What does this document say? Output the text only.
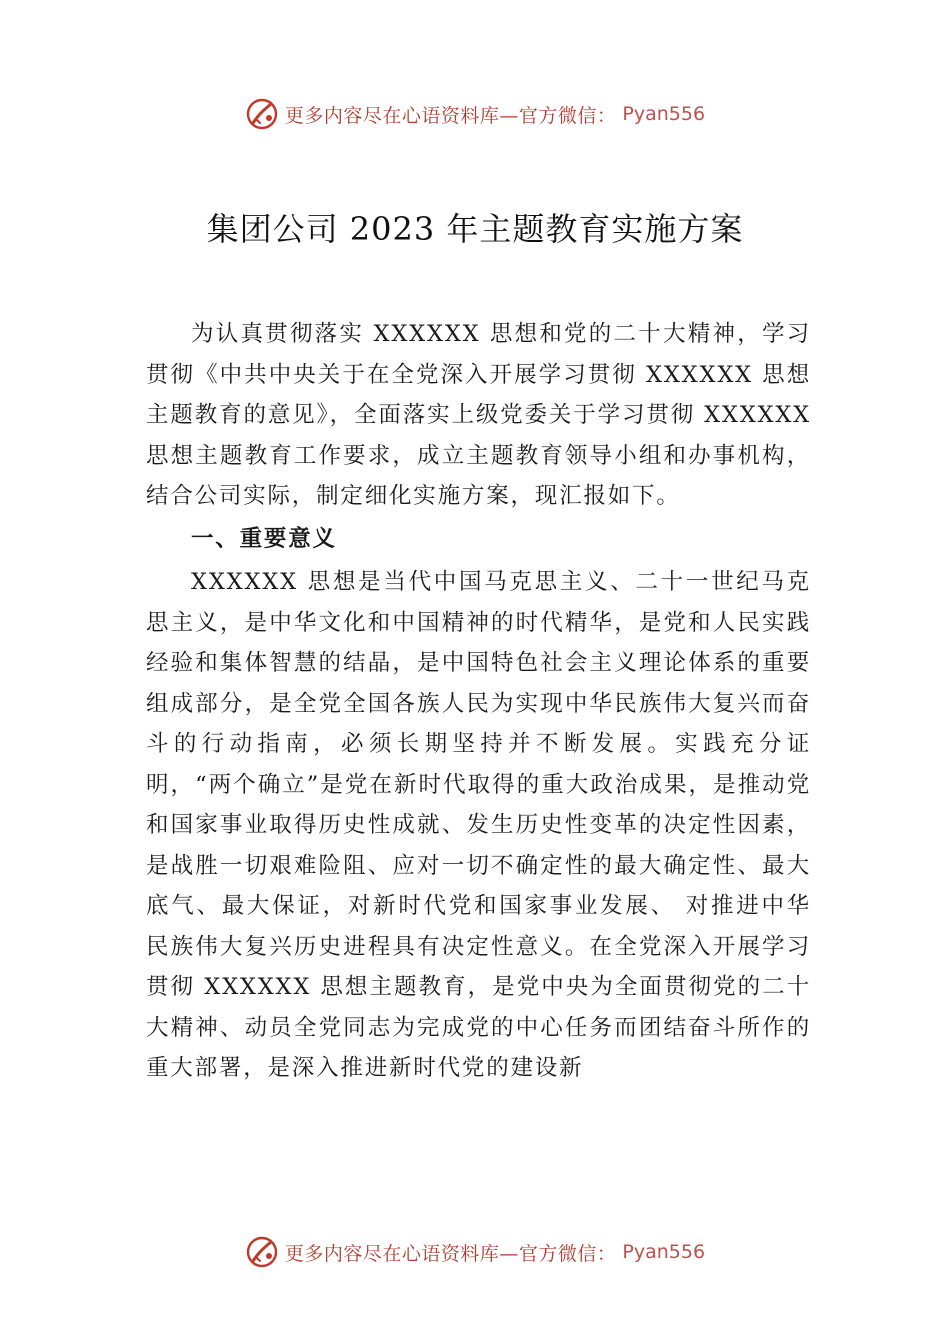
更多内容尽在心语资料库—官方微信： Pyan556
集团公司 2023 年主题教育实施方案

为认真贯彻落实 XXXXXX 思想和党的二十大精神，学习贯彻《中共中央关于在全党深入开展学习贯彻 XXXXXX 思想主题教育的意见》，全面落实上级党委关于学习贯彻 XXXXXX 思想主题教育工作要求，成立主题教育领导小组和办事机构，结合公司实际，制定细化实施方案，现汇报如下。

一、重要意义

XXXXXX 思想是当代中国马克思主义、二十一世纪马克思主义，是中华文化和中国精神的时代精华，是党和人民实践经验和集体智慧的结晶，是中国特色社会主义理论体系的重要组成部分，是全党全国各族人民为实现中华民族伟大复兴而奋斗的行动指南，必须长期坚持并不断发展。实践充分证明，“两个确立”是党在新时代取得的重大政治成果，是推动党和国家事业取得历史性成就、发生历史性变革的决定性因素，是战胜一切艰难险阻、应对一切不确定性的最大确定性、最大底气、最大保证，对新时代党和国家事业发展、 对推进中华民族伟大复兴历史进程具有决定性意义。在全党深入开展学习贯彻 XXXXXX 思想主题教育，是党中央为全面贯彻党的二十大精神、动员全党同志为完成党的中心任务而团结奋斗所作的重大部署，是深入推进新时代党的建设新

更多内容尽在心语资料库—官方微信： Pyan556
